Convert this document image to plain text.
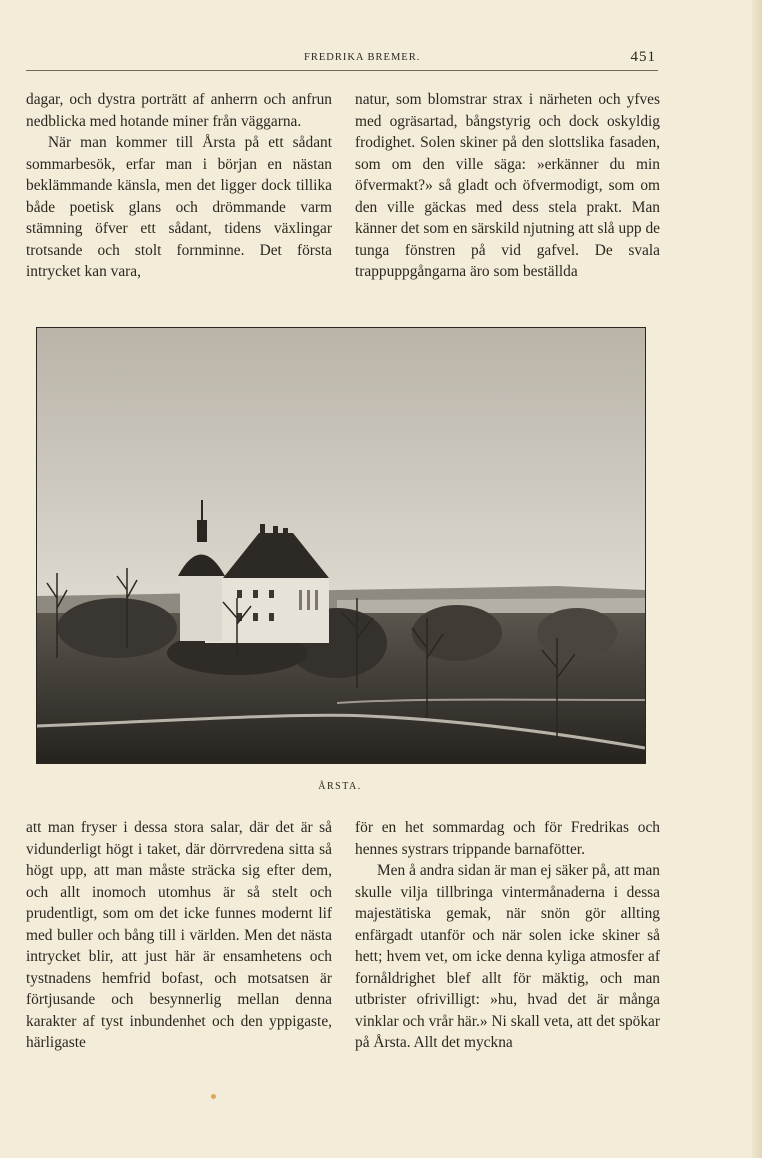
FREDRIKA BREMER.	451

dagar, och dystra porträtt af anherrn och anfrun nedblicka med hotande miner från väggarna.

När man kommer till Årsta på ett sådant sommarbesök, erfar man i början en nästan beklämmande känsla, men det ligger dock tillika både poetisk glans och drömmande varm stämning öfver ett sådant, tidens växlingar trotsande och stolt fornminne. Det första intrycket kan vara,

natur, som blomstrar strax i närheten och yfves med ogräsartad, bångstyrig och dock oskyldig frodighet. Solen skiner på den slottslika fasaden, som om den ville säga: »erkänner du min öfvermakt?» så gladt och öfvermodigt, som om den ville gäckas med dess stela prakt. Man känner det som en särskild njutning att slå upp de tunga fönstren på vid gafvel. De svala trappuppgångarna äro som beställda

ÅRSTA.

att man fryser i dessa stora salar, där det är så vidunderligt högt i taket, där dörrvredena sitta så högt upp, att man måste sträcka sig efter dem, och allt inomoch utomhus är så stelt och prudentligt, som om det icke funnes modernt lif med buller och bång till i världen. Men det nästa intrycket blir, att just här är ensamhetens och tystnadens hemfrid bofast, och motsatsen är förtjusande och besynnerlig mellan denna karakter af tyst inbundenhet och den yppigaste, härligaste

för en het sommardag och för Fredrikas och hennes systrars trippande barnafötter.

Men å andra sidan är man ej säker på, att man skulle vilja tillbringa vintermånaderna i dessa majestätiska gemak, när snön gör allting enfärgadt utanför och när solen icke skiner så hett; hvem vet, om icke denna kyliga atmosfer af fornåldrighet blef allt för mäktig, och man utbrister ofrivilligt: »hu, hvad det är många vinklar och vrår här.» Ni skall veta, att det spökar på Årsta. Allt det myckna
